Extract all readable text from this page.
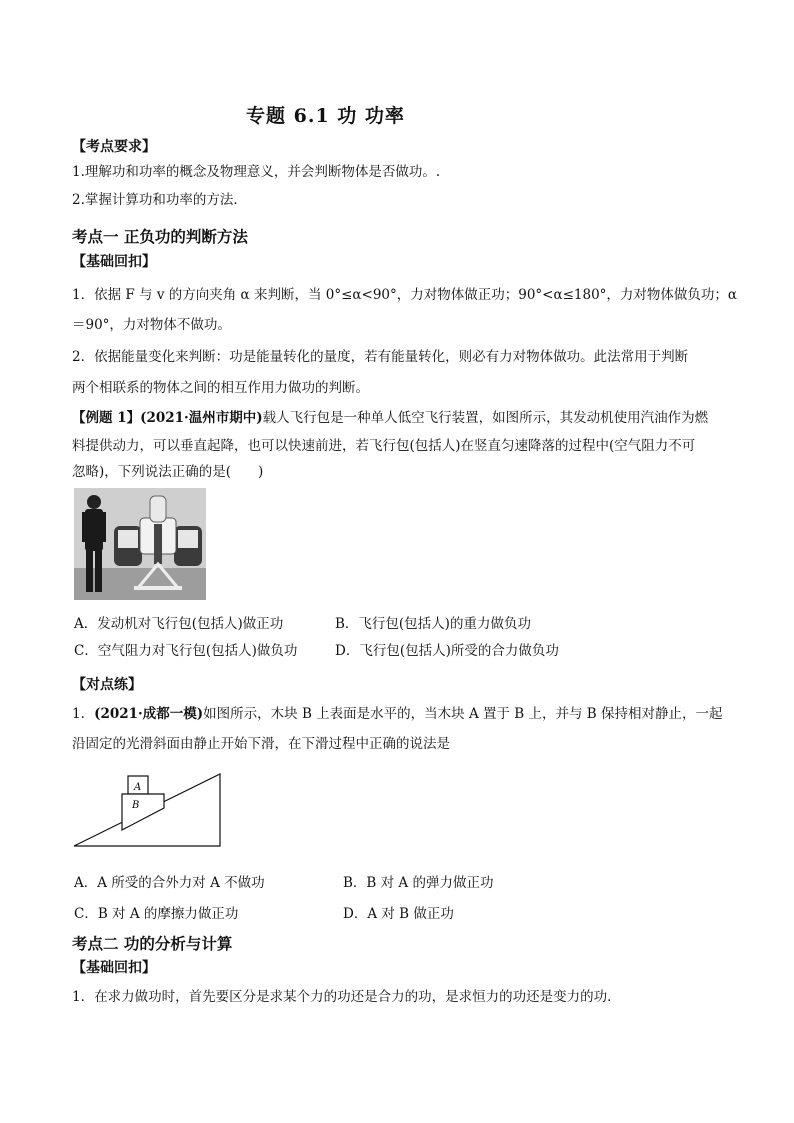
专题 6.1 功 功率
【考点要求】
1.理解功和功率的概念及物理意义，并会判断物体是否做功。.
2.掌握计算功和功率的方法．
考点一 正负功的判断方法
【基础回扣】
1．依据 F 与 v 的方向夹角 α 来判断，当 0°≤α<90°，力对物体做正功；90°<α≤180°，力对物体做负功；α
＝90°，力对物体不做功。
2．依据能量变化来判断：功是能量转化的量度，若有能量转化，则必有力对物体做功。此法常用于判断
两个相联系的物体之间的相互作用力做功的判断。
【例题 1】(2021·温州市期中)载人飞行包是一种单人低空飞行装置，如图所示，其发动机使用汽油作为燃
料提供动力，可以垂直起降，也可以快速前进，若飞行包(包括人)在竖直匀速降落的过程中(空气阻力不可
忽略)，下列说法正确的是(　　)
A．发动机对飞行包(包括人)做正功	B．飞行包(包括人)的重力做负功
C．空气阻力对飞行包(包括人)做负功	D．飞行包(包括人)所受的合力做负功
【对点练】
1．(2021·成都一模)如图所示，木块 B 上表面是水平的，当木块 A 置于 B 上，并与 B 保持相对静止，一起
沿固定的光滑斜面由静止开始下滑，在下滑过程中正确的说法是
A
B
A．A 所受的合外力对 A 不做功	B．B 对 A 的弹力做正功
C．B 对 A 的摩擦力做正功	D．A 对 B 做正功
考点二 功的分析与计算
【基础回扣】
1．在求力做功时，首先要区分是求某个力的功还是合力的功，是求恒力的功还是变力的功．
